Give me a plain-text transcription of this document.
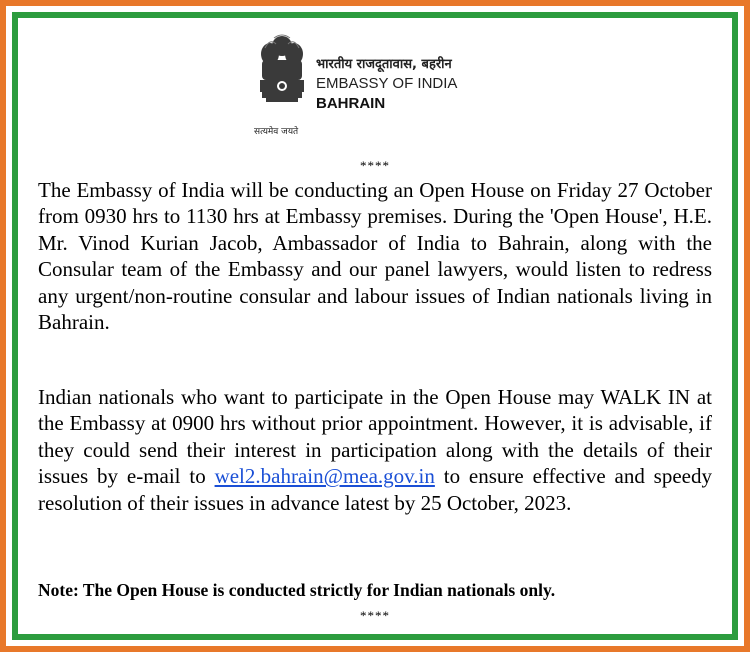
सत्यमेव जयते
भारतीय राजदूतावास, बहरीन
EMBASSY OF INDIA
BAHRAIN
****

The Embassy of India will be conducting an Open House on Friday 27 October from 0930 hrs to 1130 hrs at Embassy premises. During the 'Open House', H.E. Mr. Vinod Kurian Jacob, Ambassador of India to Bahrain, along with the Consular team of the Embassy and our panel lawyers, would listen to redress any urgent/non-routine consular and labour issues of Indian nationals living in Bahrain.

Indian nationals who want to participate in the Open House may WALK IN at the Embassy at 0900 hrs without prior appointment. However, it is advisable, if they could send their interest in participation along with the details of their issues by e-mail to wel2.bahrain@mea.gov.in to ensure effective and speedy resolution of their issues in advance latest by 25 October, 2023.

Note: The Open House is conducted strictly for Indian nationals only.

****
